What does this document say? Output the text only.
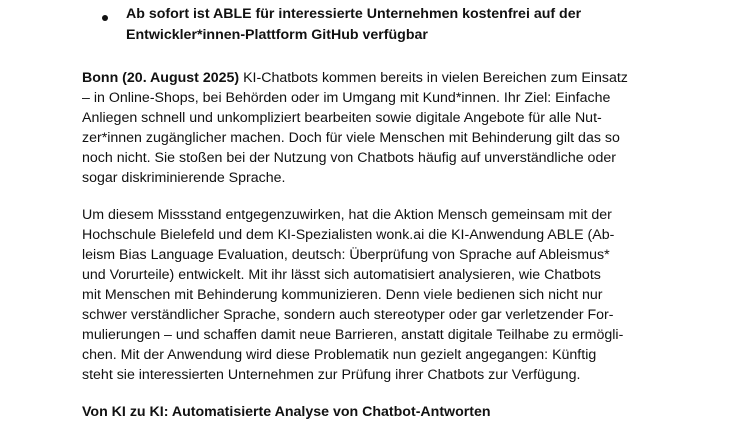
Ab sofort ist ABLE für interessierte Unternehmen kostenfrei auf der
Entwickler*innen-Plattform GitHub verfügbar
Bonn (20. August 2025) KI-Chatbots kommen bereits in vielen Bereichen zum Einsatz
– in Online-Shops, bei Behörden oder im Umgang mit Kund*innen. Ihr Ziel: Einfache
Anliegen schnell und unkompliziert bearbeiten sowie digitale Angebote für alle Nut-
zer*innen zugänglicher machen. Doch für viele Menschen mit Behinderung gilt das so
noch nicht. Sie stoßen bei der Nutzung von Chatbots häufig auf unverständliche oder
sogar diskriminierende Sprache.
Um diesem Missstand entgegenzuwirken, hat die Aktion Mensch gemeinsam mit der
Hochschule Bielefeld und dem KI-Spezialisten wonk.ai die KI-Anwendung ABLE (Ab-
leism Bias Language Evaluation, deutsch: Überprüfung von Sprache auf Ableismus*
und Vorurteile) entwickelt. Mit ihr lässt sich automatisiert analysieren, wie Chatbots
mit Menschen mit Behinderung kommunizieren. Denn viele bedienen sich nicht nur
schwer verständlicher Sprache, sondern auch stereotyper oder gar verletzender For-
mulierungen – und schaffen damit neue Barrieren, anstatt digitale Teilhabe zu ermögli-
chen. Mit der Anwendung wird diese Problematik nun gezielt angegangen: Künftig
steht sie interessierten Unternehmen zur Prüfung ihrer Chatbots zur Verfügung.
Von KI zu KI: Automatisierte Analyse von Chatbot-Antworten
